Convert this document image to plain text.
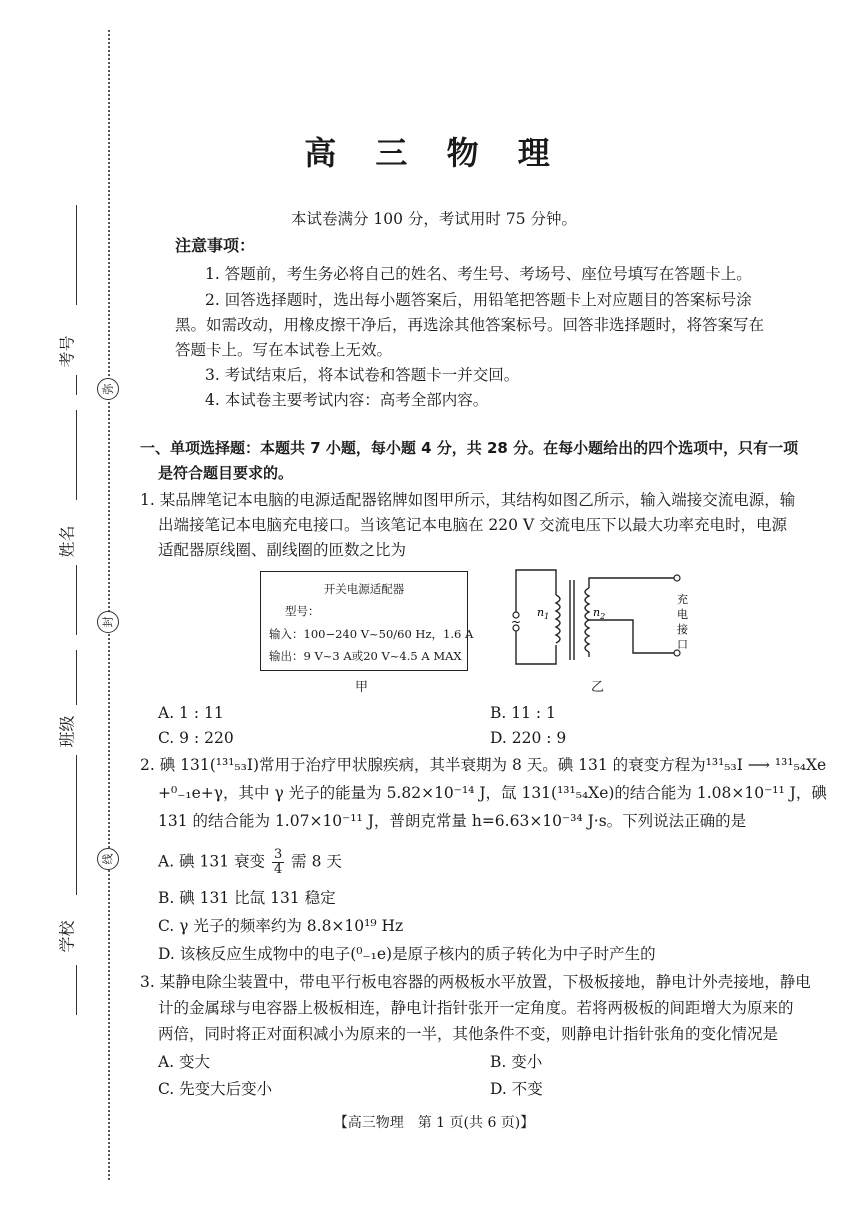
考号
姓名
班级
学校
弥
封
线
高 三 物 理
本试卷满分 100 分，考试用时 75 分钟。
注意事项：
1. 答题前，考生务必将自己的姓名、考生号、考场号、座位号填写在答题卡上。
2. 回答选择题时，选出每小题答案后，用铅笔把答题卡上对应题目的答案标号涂
黑。如需改动，用橡皮擦干净后，再选涂其他答案标号。回答非选择题时，将答案写在
答题卡上。写在本试卷上无效。
3. 考试结束后，将本试卷和答题卡一并交回。
4. 本试卷主要考试内容：高考全部内容。
一、单项选择题：本题共 7 小题，每小题 4 分，共 28 分。在每小题给出的四个选项中，只有一项
是符合题目要求的。
1. 某品牌笔记本电脑的电源适配器铭牌如图甲所示，其结构如图乙所示，输入端接交流电源，输
出端接笔记本电脑充电接口。当该笔记本电脑在 220 V 交流电压下以最大功率充电时，电源
适配器原线圈、副线圈的匝数之比为
开关电源适配器
型号：
输入：100−240 V~50/60 Hz，1.6 A
输出：9 V~3 A或20 V~4.5 A MAX
甲
~
$n_1$	$n_2$
充
电
接
口
乙
A. 1 : 11	B. 11 : 1
C. 9 : 220	D. 220 : 9
2. 碘 131(¹³¹₅₃I)常用于治疗甲状腺疾病，其半衰期为 8 天。碘 131 的衰变方程为¹³¹₅₃I ⟶ ¹³¹₅₄Xe
+⁰₋₁e+γ，其中 γ 光子的能量为 5.82×10⁻¹⁴ J，氙 131(¹³¹₅₄Xe)的结合能为 1.08×10⁻¹¹ J，碘
131 的结合能为 1.07×10⁻¹¹ J，普朗克常量 h=6.63×10⁻³⁴ J·s。下列说法正确的是
A. 碘 131 衰变 $\frac{3}{4}$ 需 8 天
B. 碘 131 比氙 131 稳定
C. γ 光子的频率约为 8.8×10¹⁹ Hz
D. 该核反应生成物中的电子(⁰₋₁e)是原子核内的质子转化为中子时产生的
3. 某静电除尘装置中，带电平行板电容器的两极板水平放置，下极板接地，静电计外壳接地，静电
计的金属球与电容器上极板相连，静电计指针张开一定角度。若将两极板的间距增大为原来的
两倍，同时将正对面积减小为原来的一半，其他条件不变，则静电计指针张角的变化情况是
A. 变大	B. 变小
C. 先变大后变小	D. 不变
【高三物理　第 1 页(共 6 页)】
